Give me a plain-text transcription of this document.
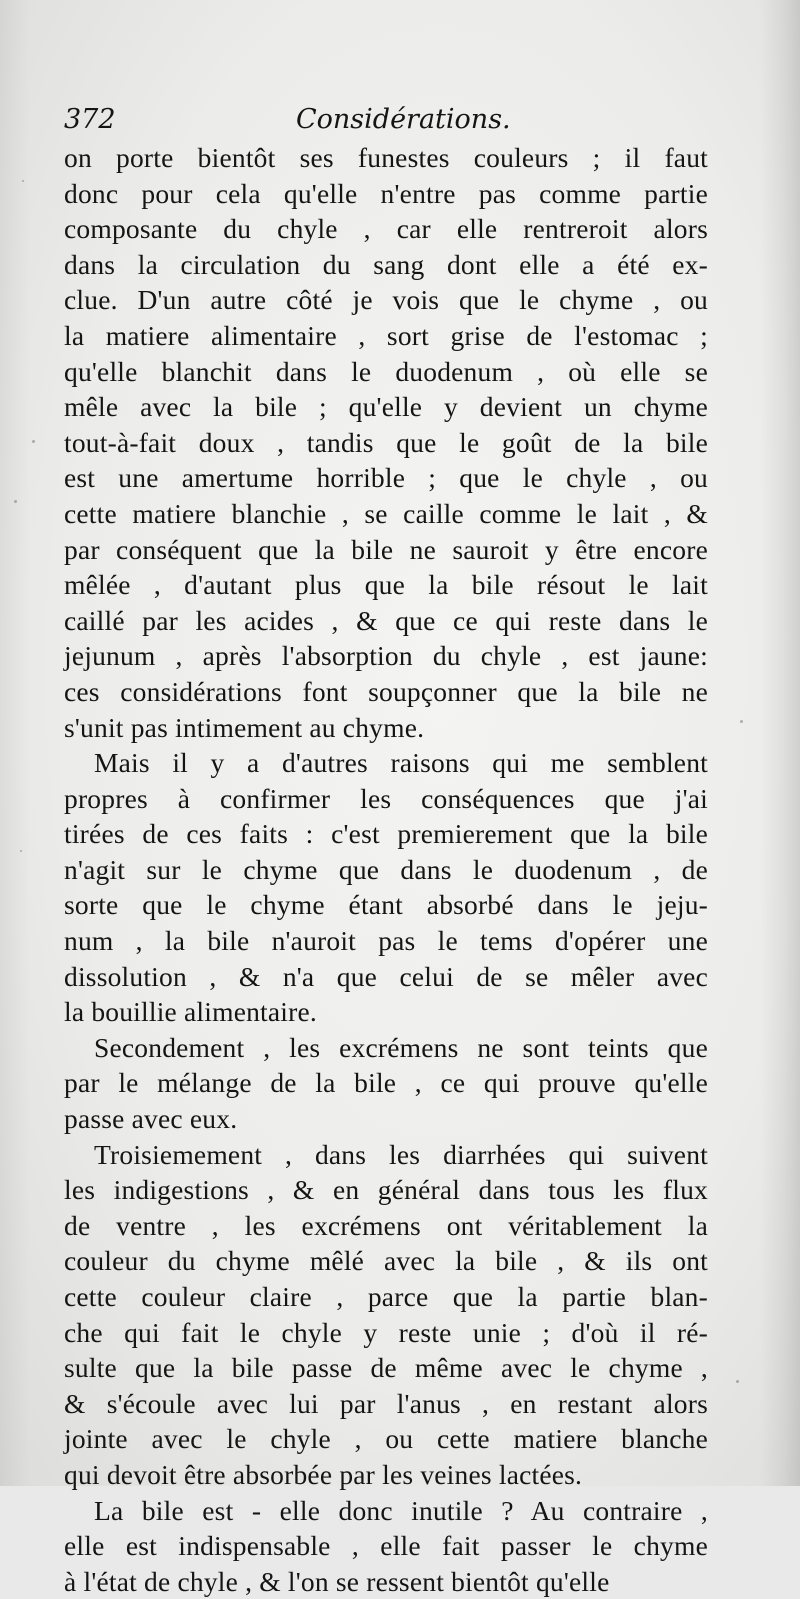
372	Considérations.
on porte bientôt ses funestes couleurs ; il faut
donc pour cela qu'elle n'entre pas comme partie
composante du chyle , car elle rentreroit alors
dans la circulation du sang dont elle a été ex-
clue. D'un autre côté je vois que le chyme , ou
la matiere alimentaire , sort grise de l'estomac ;
qu'elle blanchit dans le duodenum , où elle se
mêle avec la bile ; qu'elle y devient un chyme
tout-à-fait doux , tandis que le goût de la bile
est une amertume horrible ; que le chyle , ou
cette matiere blanchie , se caille comme le lait , &
par conséquent que la bile ne sauroit y être encore
mêlée , d'autant plus que la bile résout le lait
caillé par les acides , & que ce qui reste dans le
jejunum , après l'absorption du chyle , est jaune:
ces considérations font soupçonner que la bile ne
s'unit pas intimement au chyme.
Mais il y a d'autres raisons qui me semblent
propres à confirmer les conséquences que j'ai
tirées de ces faits : c'est premierement que la bile
n'agit sur le chyme que dans le duodenum , de
sorte que le chyme étant absorbé dans le jeju-
num , la bile n'auroit pas le tems d'opérer une
dissolution , & n'a que celui de se mêler avec
la bouillie alimentaire.
Secondement , les excrémens ne sont teints que
par le mélange de la bile , ce qui prouve qu'elle
passe avec eux.
Troisiemement , dans les diarrhées qui suivent
les indigestions , & en général dans tous les flux
de ventre , les excrémens ont véritablement la
couleur du chyme mêlé avec la bile , & ils ont
cette couleur claire , parce que la partie blan-
che qui fait le chyle y reste unie ; d'où il ré-
sulte que la bile passe de même avec le chyme ,
& s'écoule avec lui par l'anus , en restant alors
jointe avec le chyle , ou cette matiere blanche
qui devoit être absorbée par les veines lactées.
La bile est - elle donc inutile ? Au contraire ,
elle est indispensable , elle fait passer le chyme
à l'état de chyle , & l'on se ressent bientôt qu'elle
